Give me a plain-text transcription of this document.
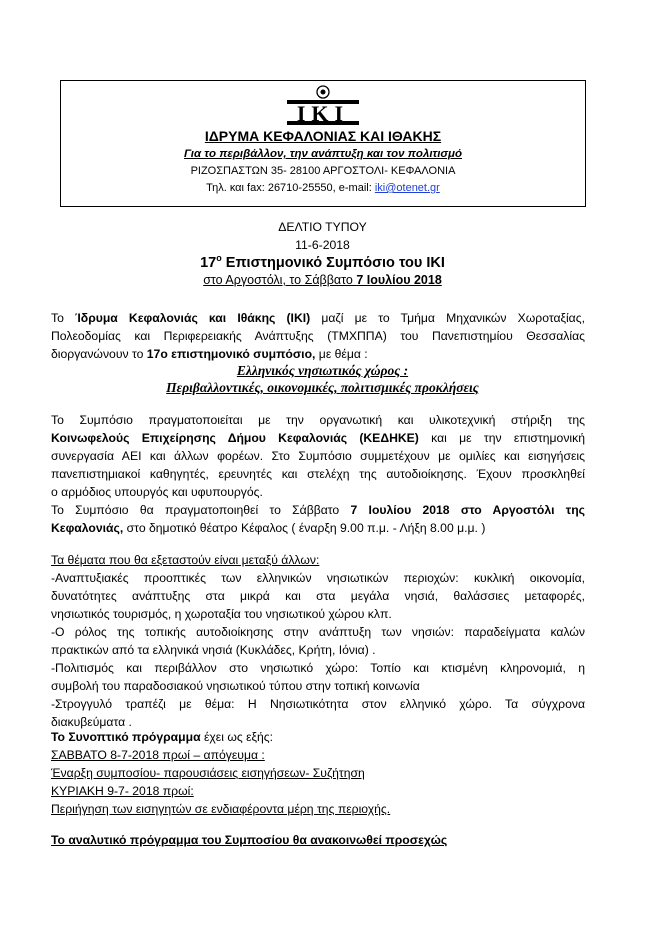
IKI
ΙΔΡΥΜΑ ΚΕΦΑΛΟΝΙΑΣ ΚΑΙ ΙΘΑΚΗΣ
Για το περιβάλλον, την ανάπτυξη και τον πολιτισμό
ΡΙΖΟΣΠΑΣΤΩΝ 35- 28100 ΑΡΓΟΣΤΟΛΙ- ΚΕΦΑΛΟΝΙΑ
Τηλ. και fax: 26710-25550, e-mail: iki@otenet.gr
ΔΕΛΤΙΟ ΤΥΠΟΥ
11-6-2018
$17^o$ Επιστημονικό Συμπόσιο του ΙΚΙ
στο Αργοστόλι, το Σάββατο 7 Ιουλίου 2018
Το Ίδρυμα Κεφαλονιάς και Ιθάκης (ΙΚΙ) μαζί με το Τμήμα Μηχανικών Χωροταξίας,
Πολεοδομίας και Περιφερειακής Ανάπτυξης (ΤΜΧΠΠΑ) του Πανεπιστημίου Θεσσαλίας
διοργανώνουν το 17ο επιστημονικό συμπόσιο, με θέμα :
Ελληνικός νησιωτικός χώρος :
Περιβαλλοντικές, οικονομικές, πολιτισμικές προκλήσεις
Το Συμπόσιο πραγματοποιείται με την οργανωτική και υλικοτεχνική στήριξη της
Κοινωφελούς Επιχείρησης Δήμου Κεφαλονιάς (ΚΕΔΗΚΕ) και με την επιστημονική
συνεργασία ΑΕΙ και άλλων φορέων. Στο Συμπόσιο συμμετέχουν με ομιλίες και εισηγήσεις
πανεπιστημιακοί καθηγητές, ερευνητές και στελέχη της αυτοδιοίκησης. Έχουν προσκληθεί
ο αρμόδιος υπουργός και υφυπουργός.
Το Συμπόσιο θα πραγματοποιηθεί το Σάββατο 7 Ιουλίου 2018 στο Αργοστόλι της
Κεφαλονιάς, στο δημοτικό θέατρο Κέφαλος ( έναρξη 9.00 π.μ. - Λήξη 8.00 μ.μ. )
Τα θέματα που θα εξεταστούν είναι μεταξύ άλλων:
-Αναπτυξιακές προοπτικές των ελληνικών νησιωτικών περιοχών: κυκλική οικονομία,
δυνατότητες ανάπτυξης στα μικρά και στα μεγάλα νησιά, θαλάσσιες μεταφορές,
νησιωτικός τουρισμός, η χωροταξία του νησιωτικού χώρου κλπ.
-Ο ρόλος της τοπικής αυτοδιοίκησης στην ανάπτυξη των νησιών: παραδείγματα καλών
πρακτικών από τα ελληνικά νησιά (Κυκλάδες, Κρήτη, Ιόνια) .
-Πολιτισμός και περιβάλλον στο νησιωτικό χώρο: Τοπίο και κτισμένη κληρονομιά, η
συμβολή του παραδοσιακού νησιωτικού τύπου στην τοπική κοινωνία
-Στρογγυλό τραπέζι με θέμα: Η Νησιωτικότητα στον ελληνικό χώρο. Τα σύγχρονα
διακυβεύματα .
Το Συνοπτικό πρόγραμμα έχει ως εξής:
ΣΑΒΒΑΤΟ 8-7-2018 πρωί – απόγευμα :
Έναρξη συμποσίου- παρουσιάσεις εισηγήσεων- Συζήτηση
ΚΥΡΙΑΚΗ 9-7- 2018 πρωί:
Περιήγηση των εισηγητών σε ενδιαφέροντα μέρη της περιοχής.
Το αναλυτικό πρόγραμμα του Συμποσίου θα ανακοινωθεί προσεχώς
